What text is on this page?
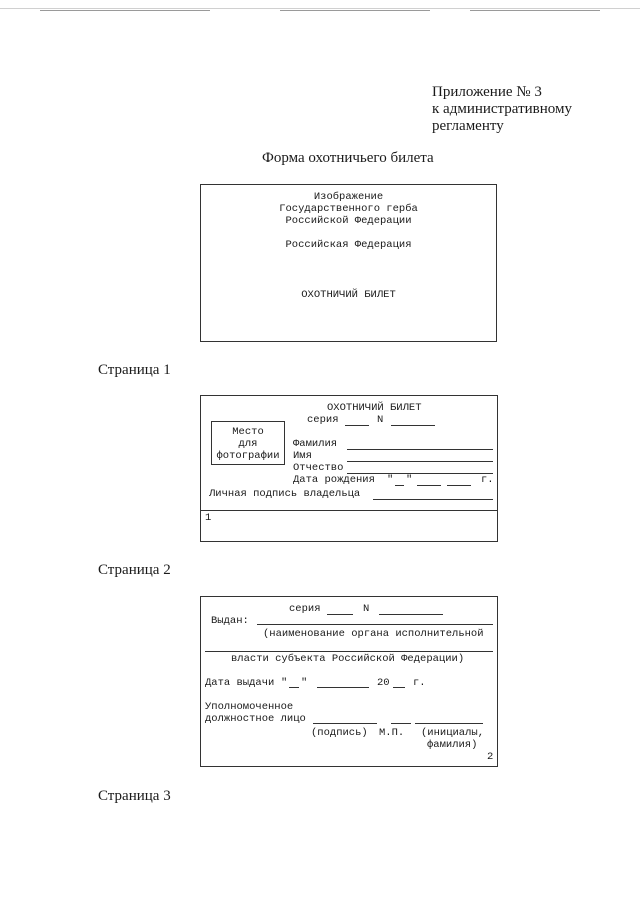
Приложение № 3
к административному
регламенту
Форма охотничьего билета
Изображение
Государственного герба
Российской Федерации
Российская Федерация
ОХОТНИЧИЙ БИЛЕТ
Страница 1
ОХОТНИЧИЙ БИЛЕТ
серия	N
Место
для
фотографии
Фамилия
Имя
Отчество
Дата рождения " "	г.
Личная подпись владельца
1
Страница 2
серия	N
Выдан:
(наименование органа исполнительной
власти субъекта Российской Федерации)
Дата выдачи " "	20 г.
Уполномоченное
должностное лицо
(подпись) М.П. (инициалы,
фамилия)
2
Страница 3
